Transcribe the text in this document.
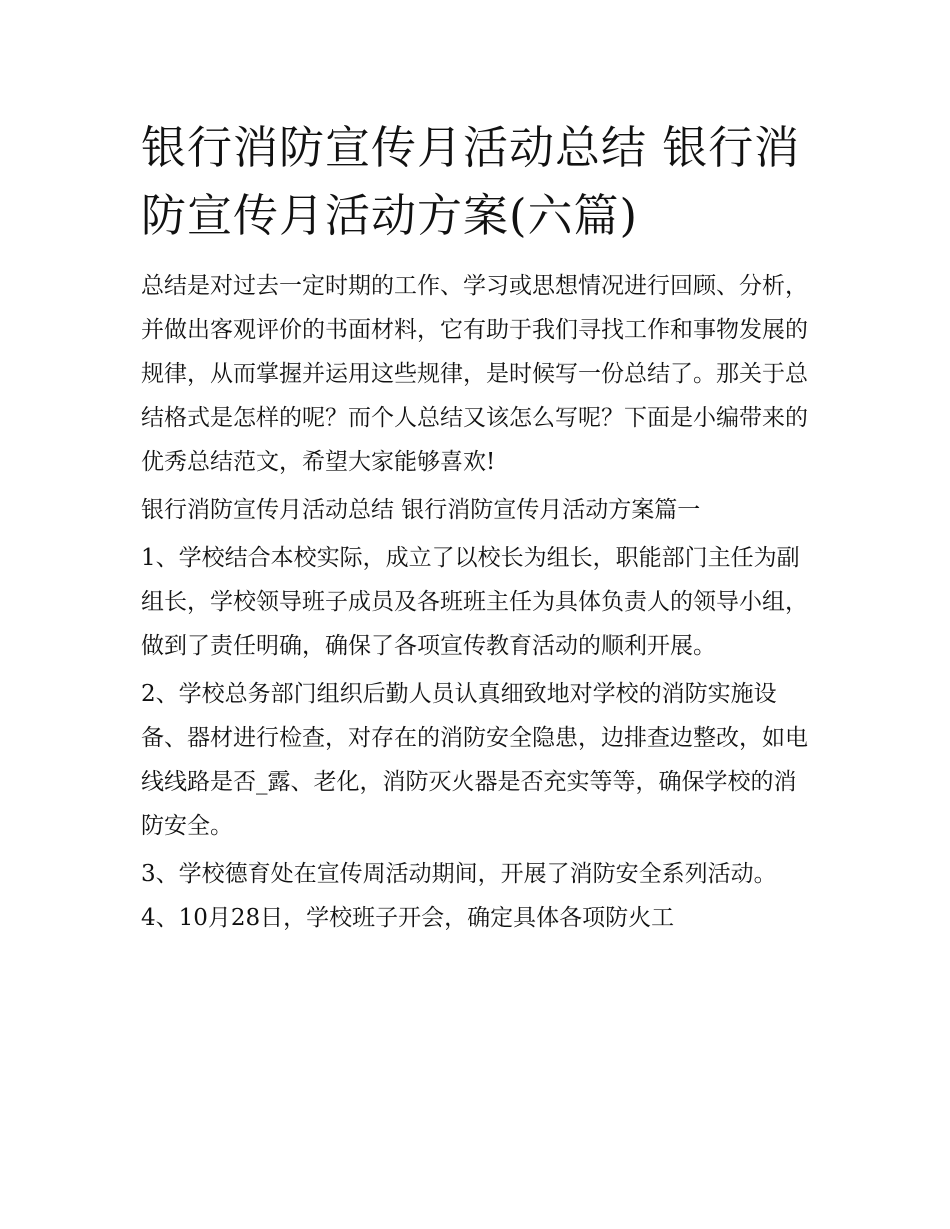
银行消防宣传月活动总结 银行消防宣传月活动方案(六篇)

总结是对过去一定时期的工作、学习或思想情况进行回顾、分析，并做出客观评价的书面材料，它有助于我们寻找工作和事物发展的规律，从而掌握并运用这些规律，是时候写一份总结了。那关于总结格式是怎样的呢？而个人总结又该怎么写呢？下面是小编带来的优秀总结范文，希望大家能够喜欢!

银行消防宣传月活动总结 银行消防宣传月活动方案篇一

1、学校结合本校实际，成立了以校长为组长，职能部门主任为副组长，学校领导班子成员及各班班主任为具体负责人的领导小组，做到了责任明确，确保了各项宣传教育活动的顺利开展。

2、学校总务部门组织后勤人员认真细致地对学校的消防实施设备、器材进行检查，对存在的消防安全隐患，边排查边整改，如电线线路是否_露、老化，消防灭火器是否充实等等，确保学校的消防安全。

3、学校德育处在宣传周活动期间，开展了消防安全系列活动。 4、10月28日，学校班子开会，确定具体各项防火工
